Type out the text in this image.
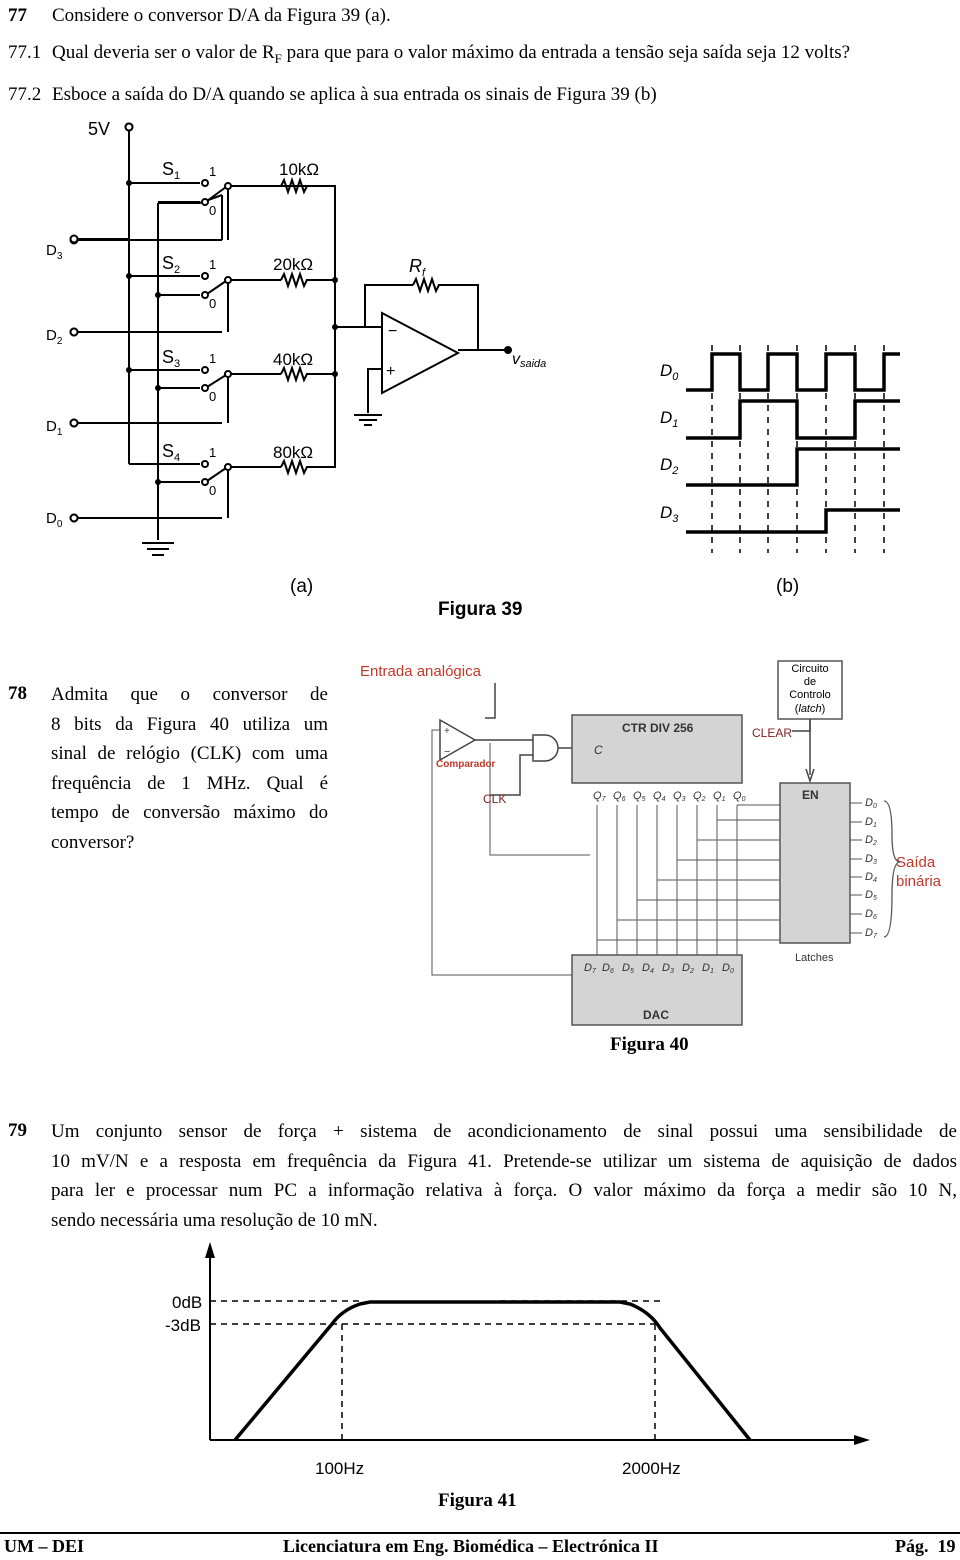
77 Considere o conversor D/A da Figura 39 (a).
77.1 Qual deveria ser o valor de $R_F$ para que para o valor máximo da entrada a tensão seja saída seja 12 volts?
77.2 Esboce a saída do D/A quando se aplica à sua entrada os sinais de Figura 39 (b)
5V
$D_3$
$D_2$
$D_1$
$D_0$
$S_1$
$S_2$
$S_3$
$S_4$
1
0
1
0
1
0
1
0
10kΩ
20kΩ
40kΩ
80kΩ
$R_f$
−
+
vsaida	$D_0$
$D_1$
$D_2$
$D_3$
(a)	(b)
Figura 39
78 Admita que o conversor de
8 bits da Figura 40 utiliza um
sinal de relógio (CLK) com uma
frequência de 1 MHz. Qual é
tempo de conversão máximo do
conversor?
Entrada analógica	Circuito
de
Controlo
(latch)
+
−
Comparador
CLK
CTR DIV 256
C
CLEAR
EN
Latches
Q7 Q6 Q5 Q4 Q3 Q2 Q1 Q0	D0
D1
D2
D3
D4
D5
D6
D7
Saída
binária
D7 D6 D5 D4 D3 D2 D1 D0
DAC
Figura 40
79 Um conjunto sensor de força + sistema de acondicionamento de sinal possui uma sensibilidade de
10 mV/N e a resposta em frequência da Figura 41. Pretende-se utilizar um sistema de aquisição de dados
para ler e processar num PC a informação relativa à força. O valor máximo da força a medir são 10 N,
sendo necessária uma resolução de 10 mN.
0dB
-3dB
100Hz	2000Hz
Figura 41
UM – DEI	Licenciatura em Eng. Biomédica – Electrónica II	Pág. 19
